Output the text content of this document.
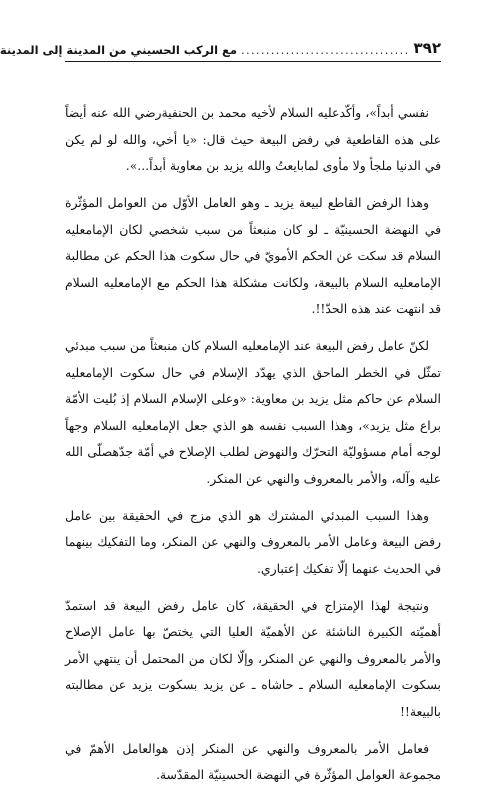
٣٩٢
..................................
مع الركب الحسيني من المدينة إلى المدينة

نفسي أبداً»، وأكّدعليه السلام لأخيه محمد بن الحنفيةرضي الله عنه أيضاً على هذه القاطعية في رفض البيعة حيث قال: «يا أخي، والله لو لم يكن في الدنيا ملجأ ولا مأوى لمابايعتُ والله يزيد بن معاوية أبداً...».

وهذا الرفض القاطع لبيعة يزيد ـ وهو العامل الأوّل من العوامل المؤثّرة في النهضة الحسينيّة ـ لو كان منبعثاً من سبب شخصي لكان الإمامعليه السلام قد سكت عن الحكم الأمويّ في حال سكوت هذا الحكم عن مطالبة الإمامعليه السلام بالبيعة، ولكانت مشكلة هذا الحكم مع الإمامعليه السلام قد انتهت عند هذه الحدّ!!.

لكنّ عامل رفض البيعة عند الإمامعليه السلام كان منبعثاً من سبب مبدئي تمثّل في الخطر الماحق الذي يهدّد الإسلام في حال سكوت الإمامعليه السلام عن حاكم مثل يزيد بن معاوية: «وعلى الإسلام السلام إذ بُليت الأمّة براع مثل يزيد»، وهذا السبب نفسه هو الذي جعل الإمامعليه السلام وجهاً لوجه أمام مسؤوليّة التحرّك والنهوض لطلب الإصلاح في أمّة جدّهصلّى الله عليه وآله، والأمر بالمعروف والنهي عن المنكر.

وهذا السبب المبدئي المشترك هو الذي مزج في الحقيقة بين عامل رفض البيعة وعامل الأمر بالمعروف والنهي عن المنكر، وما التفكيك بينهما في الحديث عنهما إلّا تفكيك إعتباري.

ونتيجة لهذا الإمتزاج في الحقيقة، كان عامل رفض البيعة قد استمدّ أهميّته الكبيرة الناشئة عن الأهميّة العليا التي يختصّ بها عامل الإصلاح والأمر بالمعروف والنهي عن المنكر، وإلّا لكان من المحتمل أن ينتهي الأمر بسكوت الإمامعليه السلام ـ حاشاه ـ عن يزيد بسكوت يزيد عن مطالبته بالبيعة!!

فعامل الأمر بالمعروف والنهي عن المنكر إذن هوالعامل الأهمّ في مجموعة العوامل المؤثّرة في النهضة الحسينيّة المقدّسة.
